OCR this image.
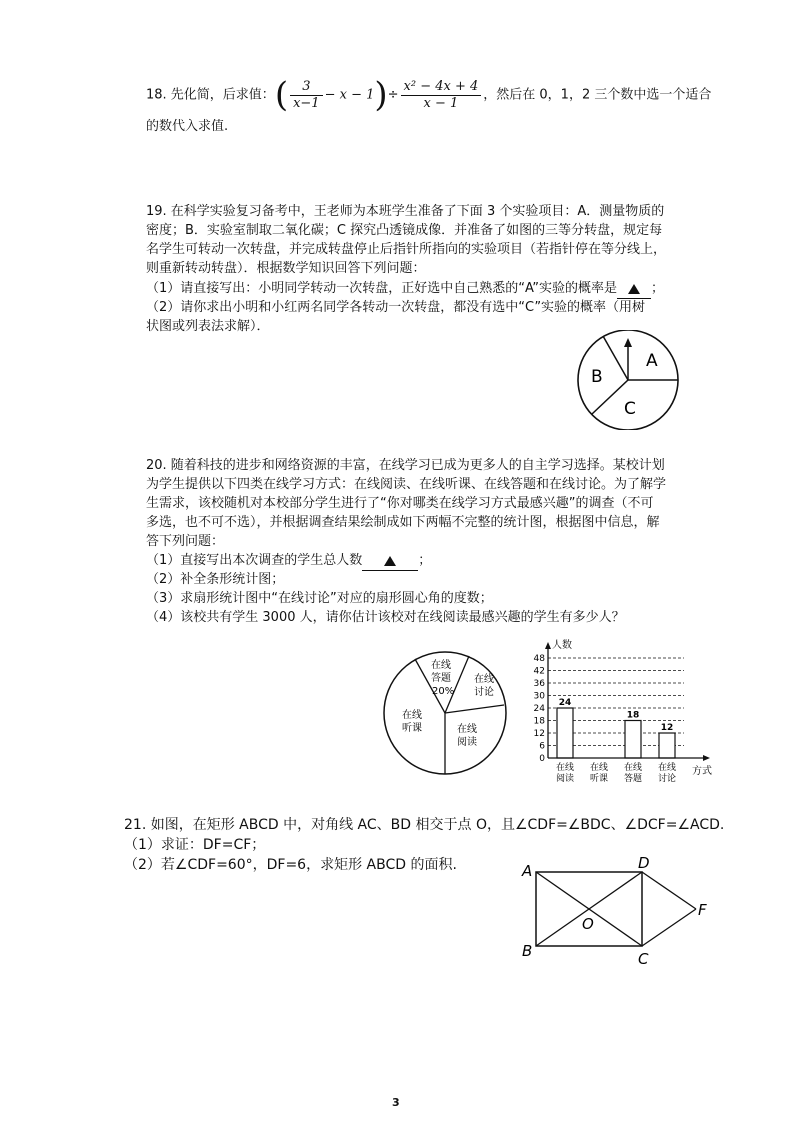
18. 先化简，后求值：( $\frac{3}{x-1} - x - 1)\div \frac{\text{x² − 4x + 4}}{x - 1}$ ，然后在 0，1，2 三个数中选一个适合
的数代入求值.
19. 在科学实验复习备考中，王老师为本班学生准备了下面 3 个实验项目：A．测量物质的
密度；B．实验室制取二氧化碳；C 探究凸透镜成像．并准备了如图的三等分转盘，规定每
名学生可转动一次转盘，并完成转盘停止后指针所指向的实验项目（若指针停在等分线上，
则重新转动转盘）．根据数学知识回答下列问题：
（1）请直接写出：小明同学转动一次转盘，正好选中自己熟悉的“A”实验的概率是	；
（2）请你求出小明和小红两名同学各转动一次转盘，都没有选中“C”实验的概率（用树
状图或列表法求解）．
A
B
C
20. 随着科技的进步和网络资源的丰富，在线学习已成为更多人的自主学习选择。某校计划
为学生提供以下四类在线学习方式：在线阅读、在线听课、在线答题和在线讨论。为了解学
生需求，该校随机对本校部分学生进行了“你对哪类在线学习方式最感兴趣”的调查（不可
多选，也不可不选），并根据调查结果绘制成如下两幅不完整的统计图，根据图中信息，解
答下列问题：
（1）直接写出本次调查的学生总人数	；
（2）补全条形统计图；
（3）求扇形统计图中“在线讨论”对应的扇形圆心角的度数；
（4）该校共有学生 3000 人，请你估计该校对在线阅读最感兴趣的学生有多少人？
在线
答题
20%
在线
讨论
在线
听课	在线
阅读
人数
方式
24
18
12
0
6
12
18
24
30
36
42
48
在线
阅读
在线
听课
在线
答题
在线
讨论
21. 如图，在矩形 ABCD 中，对角线 AC、BD 相交于点 O，且∠CDF=∠BDC、∠DCF=∠ACD.
（1）求证：DF=CF；
（2）若∠CDF=60°，DF=6，求矩形 ABCD 的面积.	A
B	C
D
O
F
3
